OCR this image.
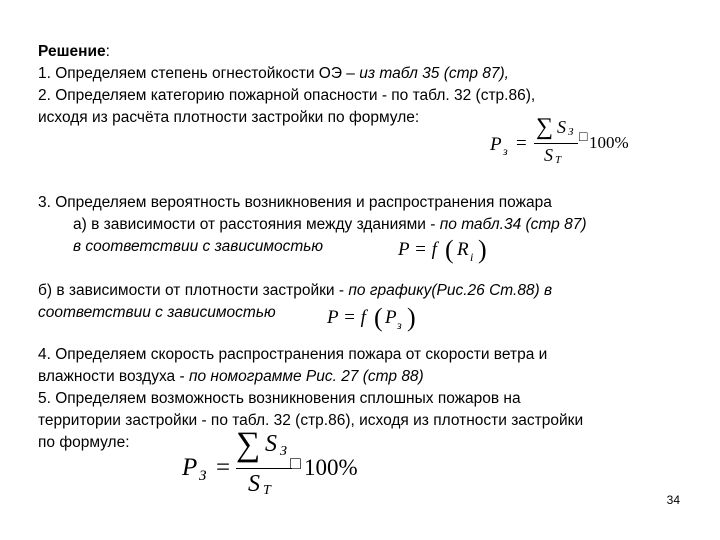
Решение:
1. Определяем степень огнестойкости ОЭ – из табл 35 (стр 87),
2. Определяем категорию пожарной опасности - по табл. 32 (стр.86),
исходя из расчёта плотности застройки по формуле:
P з =
∑ S З
S Т
□ 100%
3. Определяем вероятность возникновения и распространения пожара
а) в зависимости от расстояния между зданиями - по табл.34 (стр 87)
в соответствии с зависимостью	P = f ( R i )
б) в зависимости от плотности застройки - по графику(Рис.26 Ст.88) в
соответствии с зависимостью	P = f ( P з )
4. Определяем скорость распространения пожара от скорости ветра и
влажности воздуха - по номограмме Рис. 27 (стр 88)
5. Определяем возможность возникновения сплошных пожаров на
территории застройки - по табл. 32 (стр.86), исходя из плотности застройки
по формуле:
P З =
∑ S З
S Т
□ 100%
34
